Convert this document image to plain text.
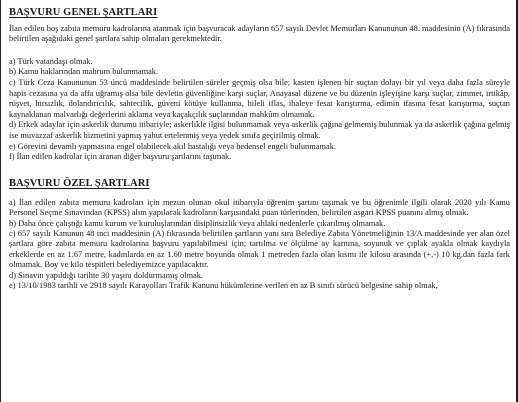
BAŞVURU GENEL ŞARTLARI

İlan edilen boş zabıta memuru kadrolarına atanmak için başvuracak adayların 657 sayılı Devlet Memurları Kanununun 48. maddesinin (A) fıkrasında belirtilen aşağıdaki genel şartlara sahip olmaları gerekmektedir.

a) Türk vatandaşı olmak.
b) Kamu haklarından mahrum bulunmamak.
c) Türk Ceza Kanununun 53 üncü maddesinde belirtilen süreler geçmiş olsa bile; kasten işlenen bir suçtan dolayı bir yıl veya daha fazla süreyle hapis cezasına ya da affa uğramış olsa bile devletin güvenliğine karşı suçlar, Anayasal düzene ve bu düzenin işleyişine karşı suçlar, zimmet, irtikâp, rüşvet, hırsızlık, dolandırıcılık, sahtecilik, güveni kötüye kullanma, hileli iflas, ihaleye fesat karıştırma, edimin ifasına fesat karıştırma, suçtan kaynaklanan malvarlığı değerlerini aklama veya kaçakçılık suçlarından mahkûm olmamak.
d) Erkek adaylar için askerlik durumu itibariyle; askerlikle ilgisi bulunmamak veya askerlik çağına gelmemiş bulunmak ya da askerlik çağına gelmiş ise muvazzaf askerlik hizmetini yapmış yahut ertelenmiş veya yedek sınıfa geçirilmiş olmak.
e) Görevini devamlı yapmasına engel olabilecek akıl hastalığı veya bedensel engeli bulunmamak.
f) İlan edilen kadrolar için aranan diğer başvuru şartlarını taşımak.
BAŞVURU ÖZEL ŞARTLARI
a) İlan edilen zabıta memuru kadroları için mezun olunan okul itibarıyla öğrenim şartını taşımak ve bu öğrenimle ilgili olarak 2020 yılı Kamu Personel Seçme Sınavından (KPSS) alım yapılacak kadroların karşısındaki puan türlerinden, belirtilen asgari KPSS puanını almış olmak.
b) Daha önce çalıştığı kamu kurum ve kuruluşlarından disiplinsizlik veya ahlaki nedenlerle çıkarılmış olmamak.
c) 657 sayılı Kanunun 48 inci maddesinin (A) fıkrasında belirtilen şartların yanı sıra Belediye Zabıta Yönetmeliğinin 13/A maddesinde yer alan özel şartlara göre zabıta memuru kadrolarına başvuru yapılabilmesi için; tartılma ve ölçülme ay karnına, soyunuk ve çıplak ayakla olmak kaydıyla erkeklerde en az 1.67 metre, kadınlarda en az 1.60 metre boyunda olmak 1 metreden fazla olan kısmı ile kilosu arasında (+,-) 10 kg.dan fazla fark olmamak. Boy ve kilo tespitleri belediyemizce yapılacaktır.
d) Sınavın yapıldığı tarihte 30 yaşını doldurmamış olmak.
e) 13/10/1983 tarihli ve 2918 sayılı Karayolları Trafik Kanunu hükümlerine verilen en az B sınıfı sürücü belgesine sahip olmak,
